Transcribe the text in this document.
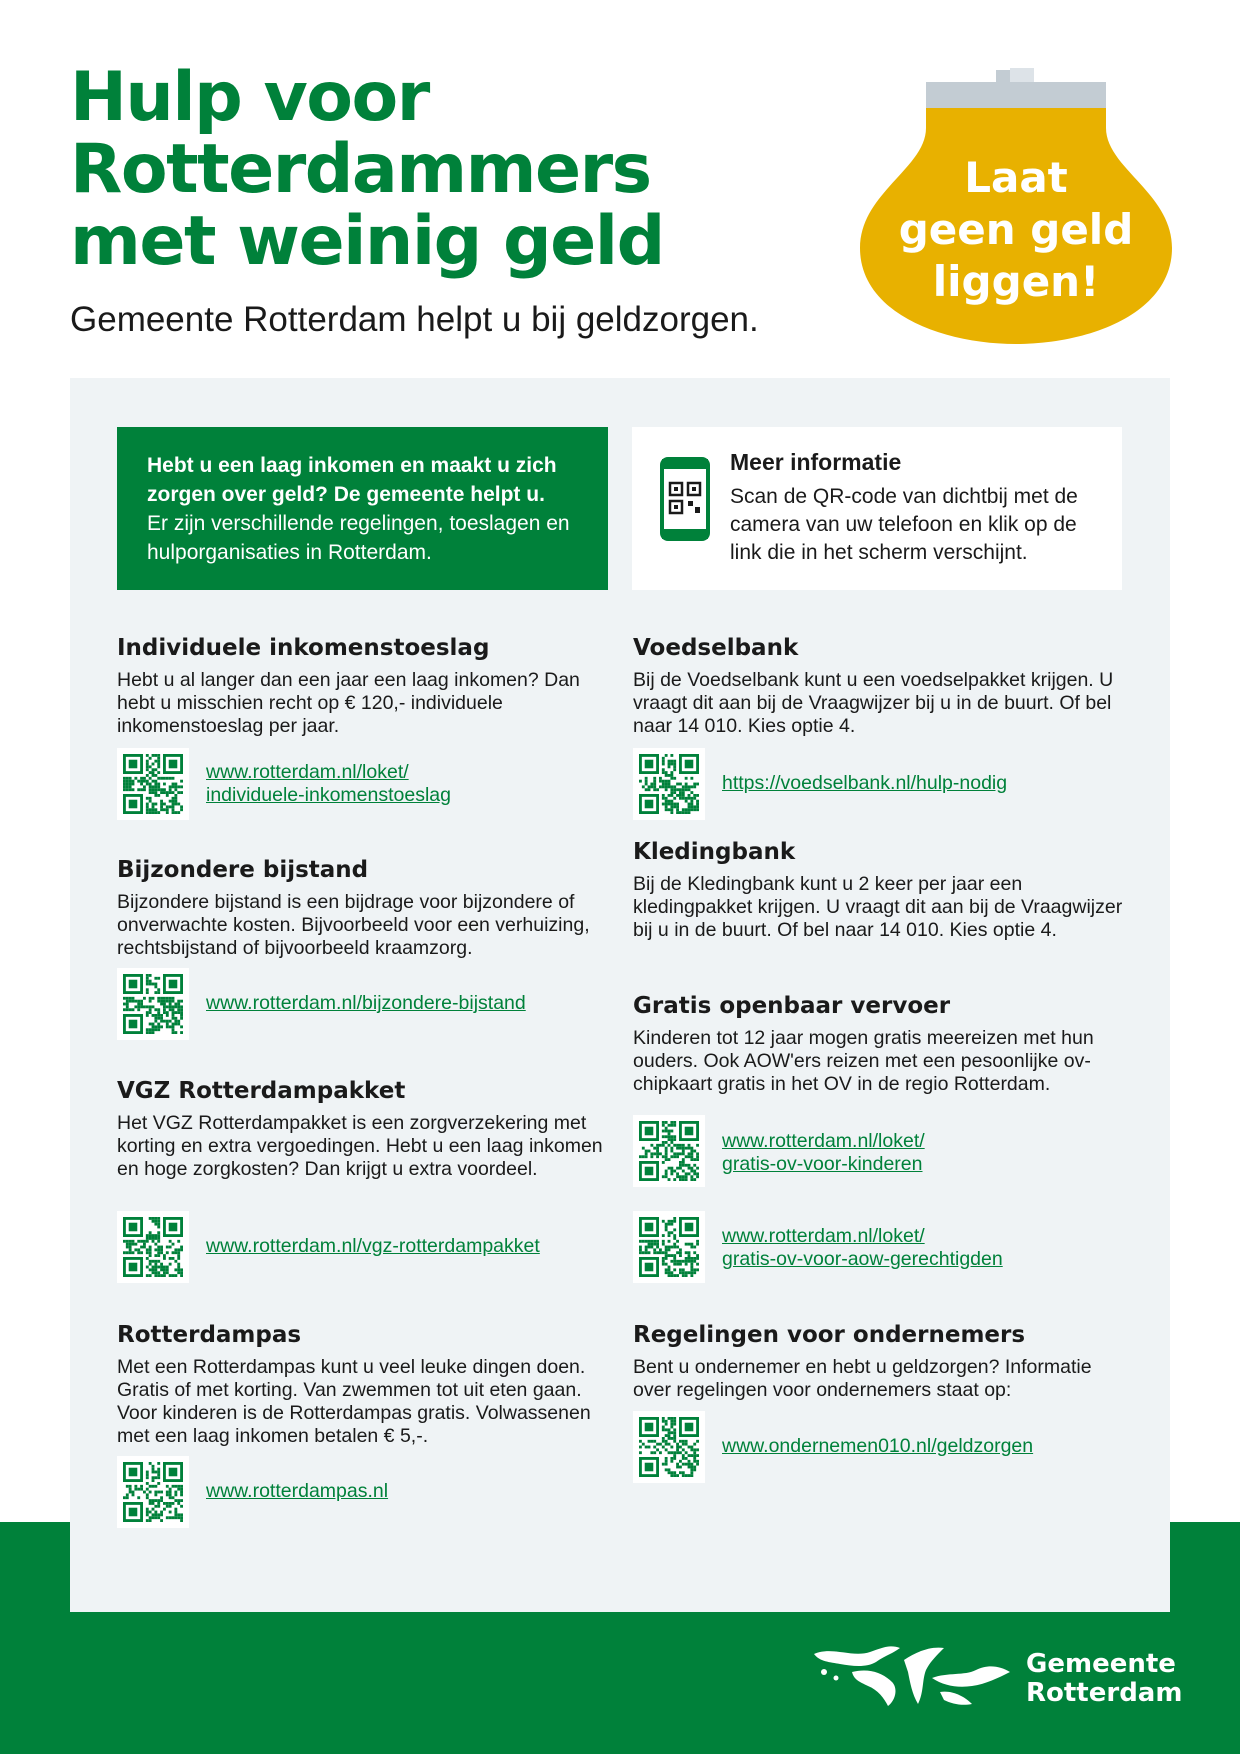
Hulp voor
Rotterdammers
met weinig geld

Gemeente Rotterdam helpt u bij geldzorgen.

Laat
geen geld
liggen!
Hebt u een laag inkomen en maakt u zich zorgen over geld? De gemeente helpt u.
Er zijn verschillende regelingen, toeslagen en hulporganisaties in Rotterdam.
Meer informatie
Scan de QR-code van dichtbij met de camera van uw telefoon en klik op de link die in het scherm verschijnt.
Individuele inkomenstoeslag

Hebt u al langer dan een jaar een laag inkomen? Dan hebt u misschien recht op € 120,- individuele inkomenstoeslag per jaar.

www.rotterdam.nl/loket/
individuele-inkomenstoeslag
Bijzondere bijstand

Bijzondere bijstand is een bijdrage voor bijzondere of onverwachte kosten. Bijvoorbeeld voor een verhuizing, rechtsbijstand of bijvoorbeeld kraamzorg.

www.rotterdam.nl/bijzondere-bijstand
VGZ Rotterdampakket

Het VGZ Rotterdampakket is een zorgverzekering met korting en extra vergoedingen. Hebt u een laag inkomen en hoge zorgkosten? Dan krijgt u extra voordeel.

www.rotterdam.nl/vgz-rotterdampakket
Rotterdampas

Met een Rotterdampas kunt u veel leuke dingen doen. Gratis of met korting. Van zwemmen tot uit eten gaan. Voor kinderen is de Rotterdampas gratis. Volwassenen met een laag inkomen betalen € 5,-.

www.rotterdampas.nl
Voedselbank

Bij de Voedselbank kunt u een voedselpakket krijgen. U vraagt dit aan bij de Vraagwijzer bij u in de buurt. Of bel naar 14 010. Kies optie 4.

https://voedselbank.nl/hulp-nodig
Kledingbank

Bij de Kledingbank kunt u 2 keer per jaar een kledingpakket krijgen. U vraagt dit aan bij de Vraagwijzer bij u in de buurt. Of bel naar 14 010. Kies optie 4.

Gratis openbaar vervoer

Kinderen tot 12 jaar mogen gratis meereizen met hun ouders. Ook AOW'ers reizen met een pesoonlijke ov-chipkaart gratis in het OV in de regio Rotterdam.

www.rotterdam.nl/loket/
gratis-ov-voor-kinderen
www.rotterdam.nl/loket/
gratis-ov-voor-aow-gerechtigden
Regelingen voor ondernemers

Bent u ondernemer en hebt u geldzorgen? Informatie over regelingen voor ondernemers staat op:

www.ondernemen010.nl/geldzorgen
Gemeente
Rotterdam
